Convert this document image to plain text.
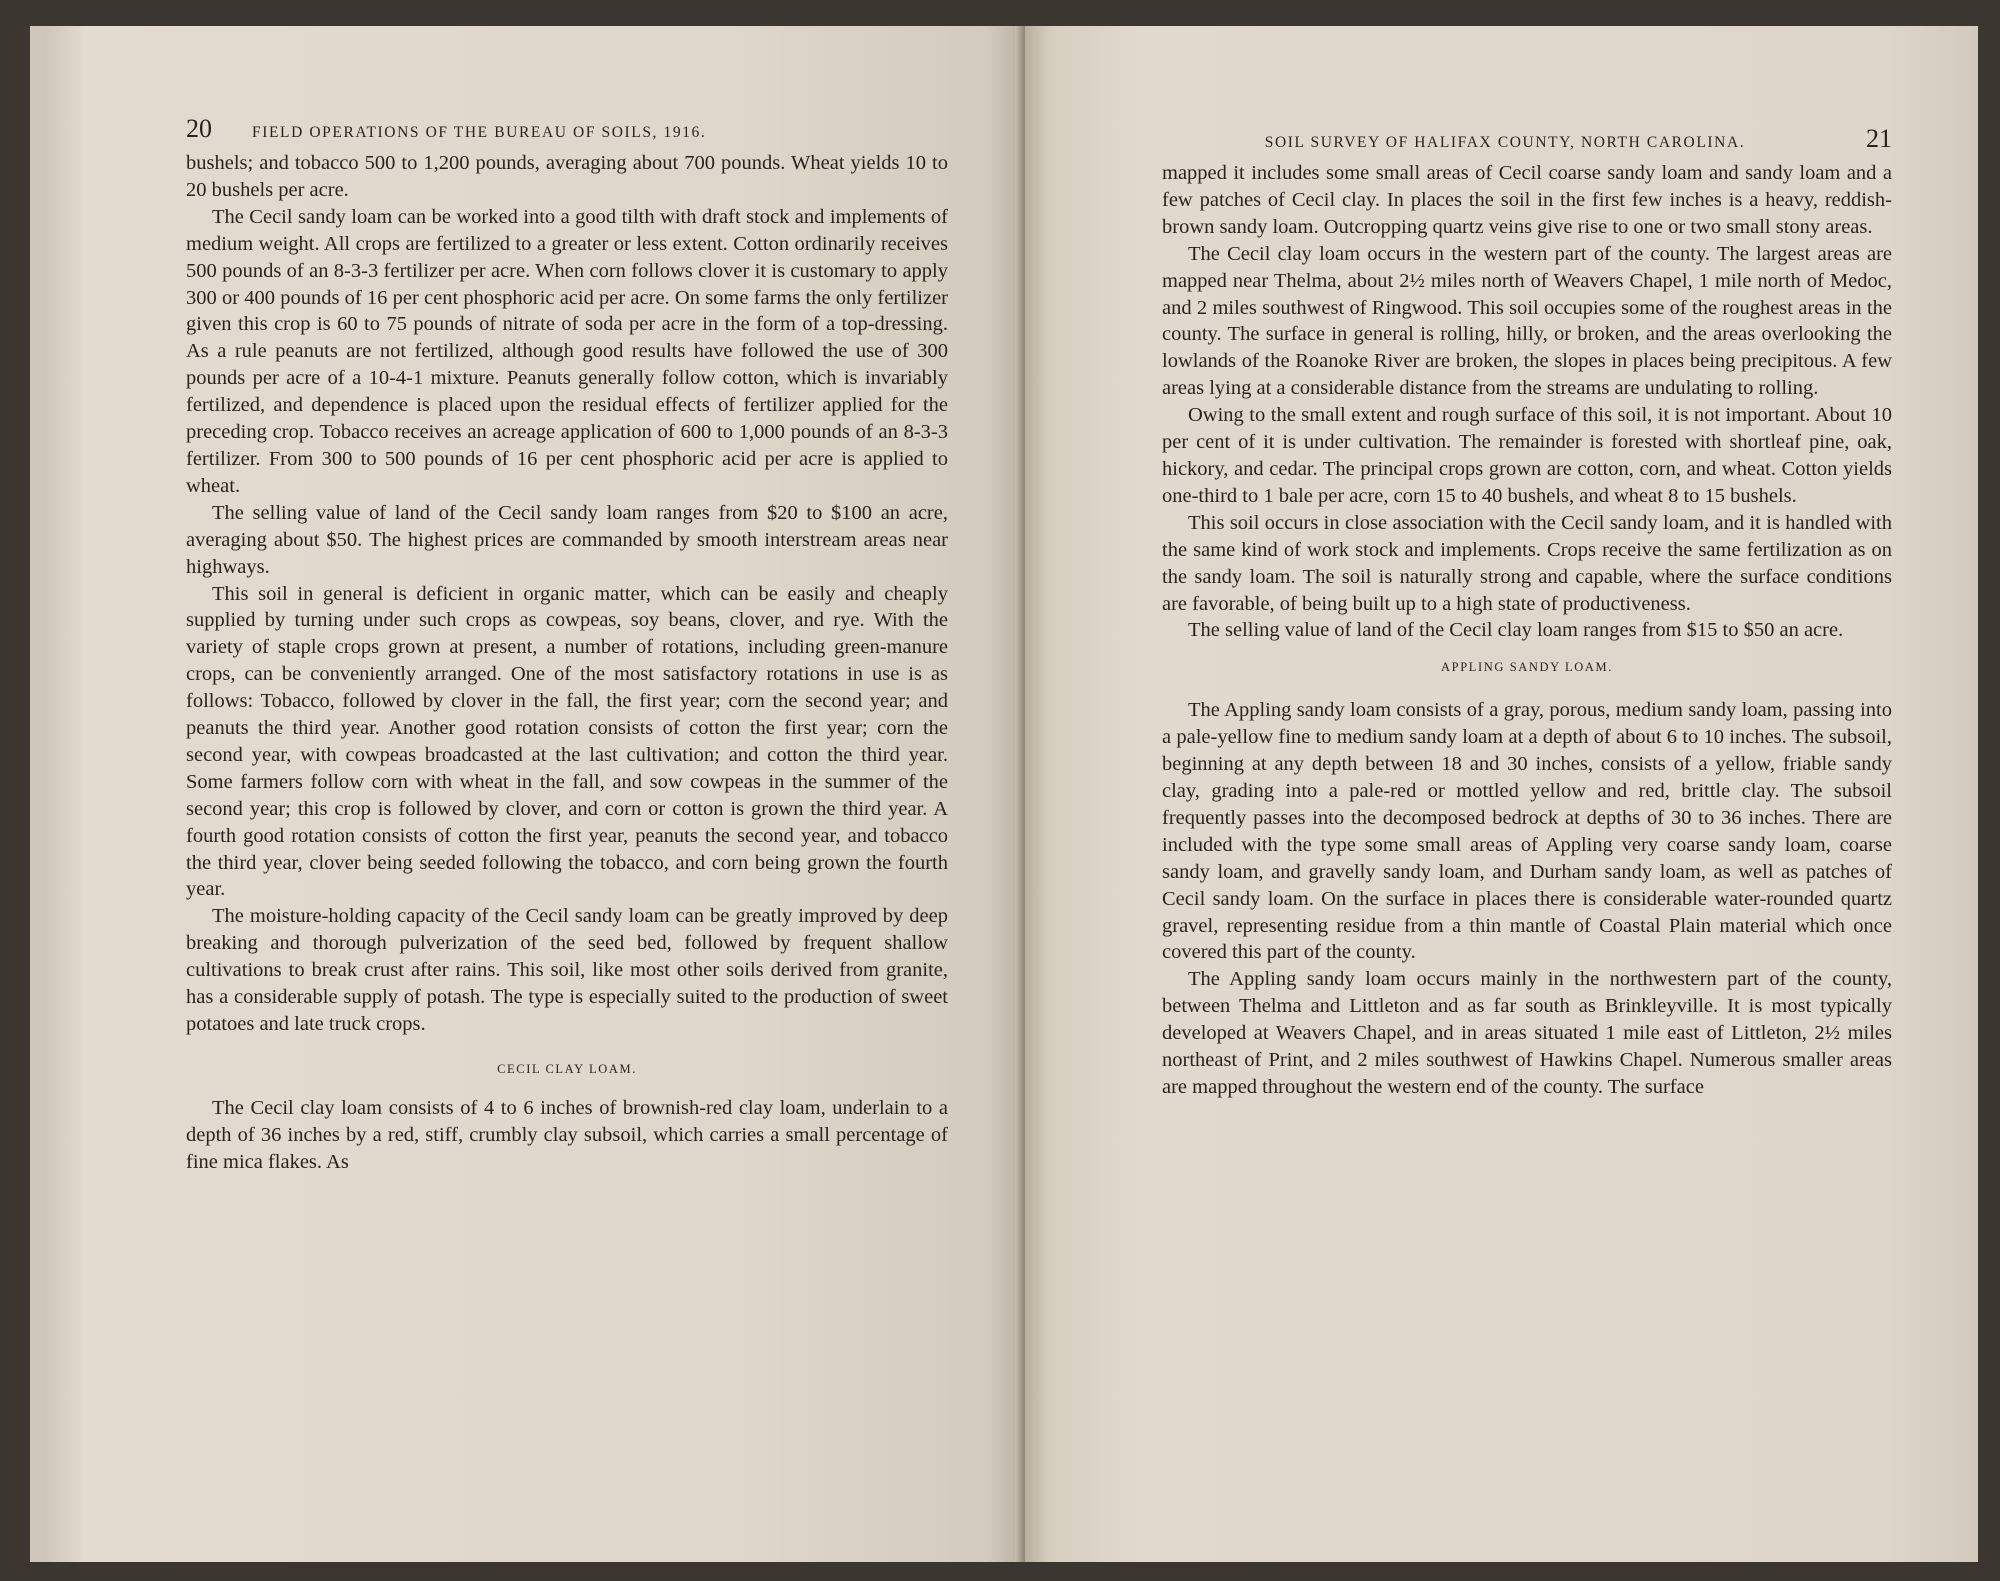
20	FIELD OPERATIONS OF THE BUREAU OF SOILS, 1916.

bushels; and tobacco 500 to 1,200 pounds, averaging about 700 pounds. Wheat yields 10 to 20 bushels per acre.

The Cecil sandy loam can be worked into a good tilth with draft stock and implements of medium weight. All crops are fertilized to a greater or less extent. Cotton ordinarily receives 500 pounds of an 8-3-3 fertilizer per acre. When corn follows clover it is customary to apply 300 or 400 pounds of 16 per cent phosphoric acid per acre. On some farms the only fertilizer given this crop is 60 to 75 pounds of nitrate of soda per acre in the form of a top-dressing. As a rule peanuts are not fertilized, although good results have followed the use of 300 pounds per acre of a 10-4-1 mixture. Peanuts generally follow cotton, which is invariably fertilized, and dependence is placed upon the residual effects of fertilizer applied for the preceding crop. Tobacco receives an acreage application of 600 to 1,000 pounds of an 8-3-3 fertilizer. From 300 to 500 pounds of 16 per cent phosphoric acid per acre is applied to wheat.

The selling value of land of the Cecil sandy loam ranges from $20 to $100 an acre, averaging about $50. The highest prices are commanded by smooth interstream areas near highways.

This soil in general is deficient in organic matter, which can be easily and cheaply supplied by turning under such crops as cowpeas, soy beans, clover, and rye. With the variety of staple crops grown at present, a number of rotations, including green-manure crops, can be conveniently arranged. One of the most satisfactory rotations in use is as follows: Tobacco, followed by clover in the fall, the first year; corn the second year; and peanuts the third year. Another good rotation consists of cotton the first year; corn the second year, with cowpeas broadcasted at the last cultivation; and cotton the third year. Some farmers follow corn with wheat in the fall, and sow cowpeas in the summer of the second year; this crop is followed by clover, and corn or cotton is grown the third year. A fourth good rotation consists of cotton the first year, peanuts the second year, and tobacco the third year, clover being seeded following the tobacco, and corn being grown the fourth year.

The moisture-holding capacity of the Cecil sandy loam can be greatly improved by deep breaking and thorough pulverization of the seed bed, followed by frequent shallow cultivations to break crust after rains. This soil, like most other soils derived from granite, has a considerable supply of potash. The type is especially suited to the production of sweet potatoes and late truck crops.

CECIL CLAY LOAM.

The Cecil clay loam consists of 4 to 6 inches of brownish-red clay loam, underlain to a depth of 36 inches by a red, stiff, crumbly clay subsoil, which carries a small percentage of fine mica flakes. As

SOIL SURVEY OF HALIFAX COUNTY, NORTH CAROLINA.	21

mapped it includes some small areas of Cecil coarse sandy loam and sandy loam and a few patches of Cecil clay. In places the soil in the first few inches is a heavy, reddish-brown sandy loam. Outcropping quartz veins give rise to one or two small stony areas.

The Cecil clay loam occurs in the western part of the county. The largest areas are mapped near Thelma, about 2½ miles north of Weavers Chapel, 1 mile north of Medoc, and 2 miles southwest of Ringwood. This soil occupies some of the roughest areas in the county. The surface in general is rolling, hilly, or broken, and the areas overlooking the lowlands of the Roanoke River are broken, the slopes in places being precipitous. A few areas lying at a considerable distance from the streams are undulating to rolling.

Owing to the small extent and rough surface of this soil, it is not important. About 10 per cent of it is under cultivation. The remainder is forested with shortleaf pine, oak, hickory, and cedar. The principal crops grown are cotton, corn, and wheat. Cotton yields one-third to 1 bale per acre, corn 15 to 40 bushels, and wheat 8 to 15 bushels.

This soil occurs in close association with the Cecil sandy loam, and it is handled with the same kind of work stock and implements. Crops receive the same fertilization as on the sandy loam. The soil is naturally strong and capable, where the surface conditions are favorable, of being built up to a high state of productiveness.

The selling value of land of the Cecil clay loam ranges from $15 to $50 an acre.

APPLING SANDY LOAM.

The Appling sandy loam consists of a gray, porous, medium sandy loam, passing into a pale-yellow fine to medium sandy loam at a depth of about 6 to 10 inches. The subsoil, beginning at any depth between 18 and 30 inches, consists of a yellow, friable sandy clay, grading into a pale-red or mottled yellow and red, brittle clay. The subsoil frequently passes into the decomposed bedrock at depths of 30 to 36 inches. There are included with the type some small areas of Appling very coarse sandy loam, coarse sandy loam, and gravelly sandy loam, and Durham sandy loam, as well as patches of Cecil sandy loam. On the surface in places there is considerable water-rounded quartz gravel, representing residue from a thin mantle of Coastal Plain material which once covered this part of the county.

The Appling sandy loam occurs mainly in the northwestern part of the county, between Thelma and Littleton and as far south as Brinkleyville. It is most typically developed at Weavers Chapel, and in areas situated 1 mile east of Littleton, 2½ miles northeast of Print, and 2 miles southwest of Hawkins Chapel. Numerous smaller areas are mapped throughout the western end of the county. The surface
